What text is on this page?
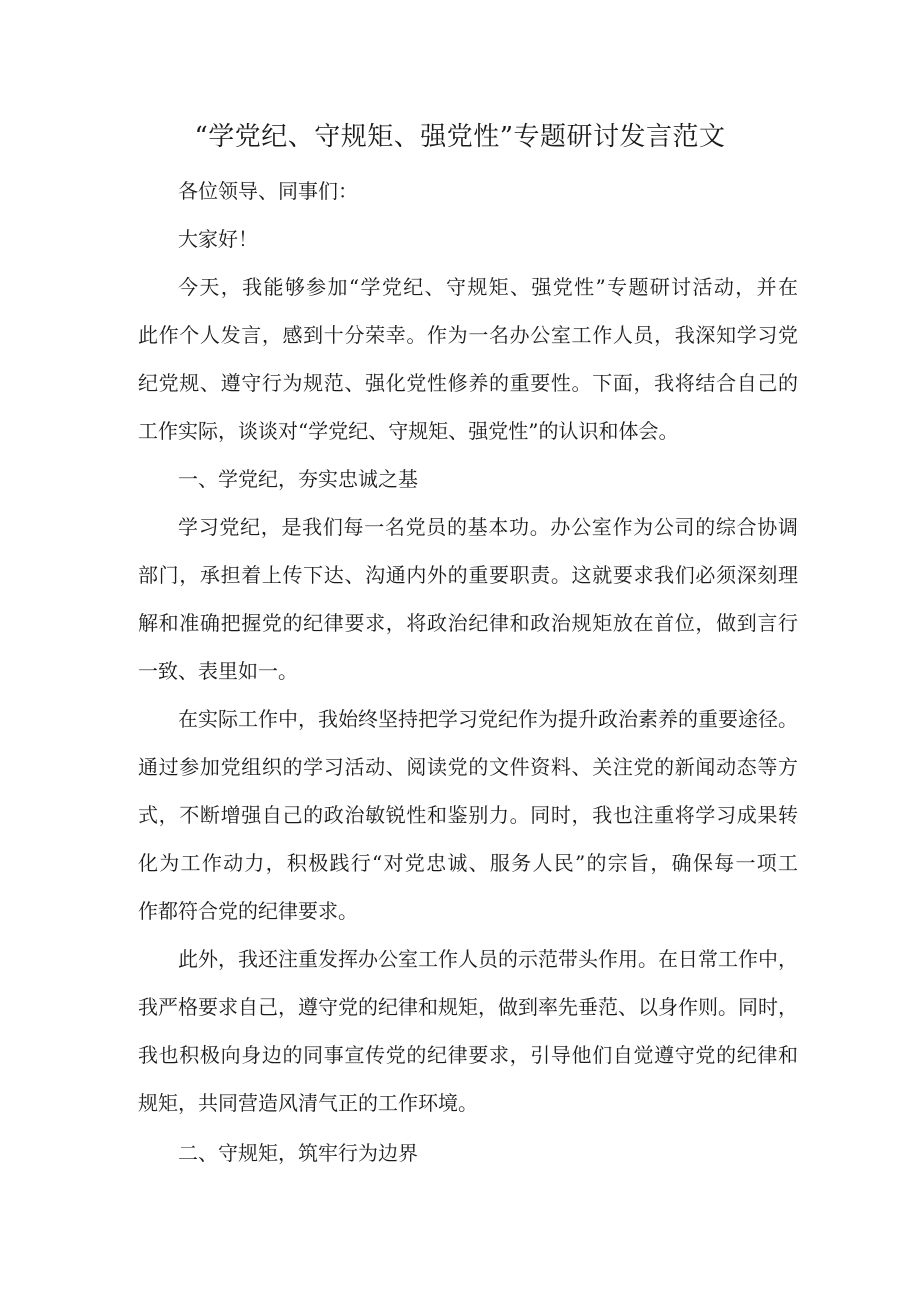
“学党纪、守规矩、强党性”专题研讨发言范文
各位领导、同事们：
大家好！
今天，我能够参加“学党纪、守规矩、强党性”专题研讨活动，并在
此作个人发言，感到十分荣幸。作为一名办公室工作人员，我深知学习党
纪党规、遵守行为规范、强化党性修养的重要性。下面，我将结合自己的
工作实际，谈谈对“学党纪、守规矩、强党性”的认识和体会。
一、学党纪，夯实忠诚之基
学习党纪，是我们每一名党员的基本功。办公室作为公司的综合协调
部门，承担着上传下达、沟通内外的重要职责。这就要求我们必须深刻理
解和准确把握党的纪律要求，将政治纪律和政治规矩放在首位，做到言行
一致、表里如一。
在实际工作中，我始终坚持把学习党纪作为提升政治素养的重要途径。
通过参加党组织的学习活动、阅读党的文件资料、关注党的新闻动态等方
式，不断增强自己的政治敏锐性和鉴别力。同时，我也注重将学习成果转
化为工作动力，积极践行“对党忠诚、服务人民”的宗旨，确保每一项工
作都符合党的纪律要求。
此外，我还注重发挥办公室工作人员的示范带头作用。在日常工作中，
我严格要求自己，遵守党的纪律和规矩，做到率先垂范、以身作则。同时，
我也积极向身边的同事宣传党的纪律要求，引导他们自觉遵守党的纪律和
规矩，共同营造风清气正的工作环境。
二、守规矩，筑牢行为边界
